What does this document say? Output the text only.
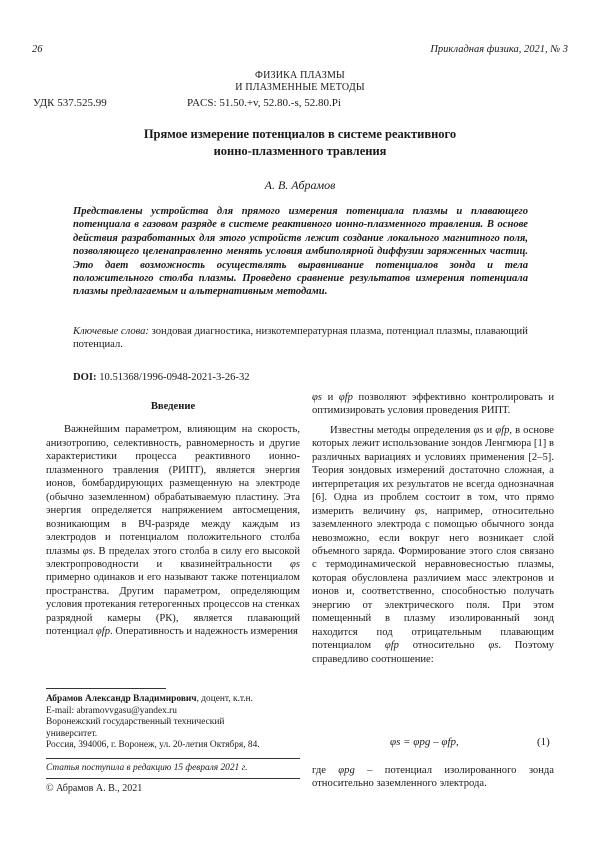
26	Прикладная физика, 2021, № 3
ФИЗИКА ПЛАЗМЫ
И ПЛАЗМЕННЫЕ МЕТОДЫ
УДК 537.525.99	PACS: 51.50.+v, 52.80.-s, 52.80.Pi
Прямое измерение потенциалов в системе реактивного
ионно-плазменного травления
А. В. Абрамов
Представлены устройства для прямого измерения потенциала плазмы и плавающего потенциала в газовом разряде в системе реактивного ионно-плазменного травления. В основе действия разработанных для этого устройств лежит создание локального магнитного поля, позволяющего целенаправленно менять условия амбиполярной диффузии заряженных частиц. Это дает возможность осуществлять выравнивание потенциалов зонда и тела положительного столба плазмы. Проведено сравнение результатов измерения потенциала плазмы предлагаемым и альтернативным методами.
Ключевые слова: зондовая диагностика, низкотемпературная плазма, потенциал плазмы, плавающий потенциал.
DOI: 10.51368/1996-0948-2021-3-26-32
Введение

Важнейшим параметром, влияющим на скорость, анизотропию, селективность, равномерность и другие характеристики процесса реактивного ионно-плазменного травления (РИПТ), является энергия ионов, бомбардирующих размещенную на электроде (обычно заземленном) обрабатываемую пластину. Эта энергия определяется напряжением автосмещения, возникающим в ВЧ-разряде между каждым из электродов и потенциалом положительного столба плазмы φs. В пределах этого столба в силу его высокой электропроводности и квазинейтральности φs примерно одинаков и его называют также потенциалом пространства. Другим параметром, определяющим условия протекания гетерогенных процессов на стенках разрядной камеры (РК), является плавающий потенциал φfp. Оперативность и надежность измерения

Абрамов Александр Владимирович, доцент, к.т.н.
E-mail: abramovvgasu@yandex.ru
Воронежский государственный технический
университет.
Россия, 394006, г. Воронеж, ул. 20-летия Октября, 84.
Статья поступила в редакцию 15 февраля 2021 г.
© Абрамов А. В., 2021

φs и φfp позволяют эффективно контролировать и оптимизировать условия проведения РИПТ.

Известны методы определения φs и φfp, в основе которых лежит использование зондов Ленгмюра [1] в различных вариациях и условиях применения [2–5]. Теория зондовых измерений достаточно сложная, а интерпретация их результатов не всегда однозначная [6]. Одна из проблем состоит в том, что прямо измерить величину φs, например, относительно заземленного электрода с помощью обычного зонда невозможно, если вокруг него возникает слой объемного заряда. Формирование этого слоя связано с термодинамической неравновесностью плазмы, которая обусловлена различием масс электронов и ионов и, соответственно, способностью получать энергию от электрического поля. При этом помещенный в плазму изолированный зонд находится под отрицательным плавающим потенциалом φfp относительно φs. Поэтому справедливо соотношение:

φs = φpg – φfp,	(1)

где φpg – потенциал изолированного зонда относительно заземленного электрода.
